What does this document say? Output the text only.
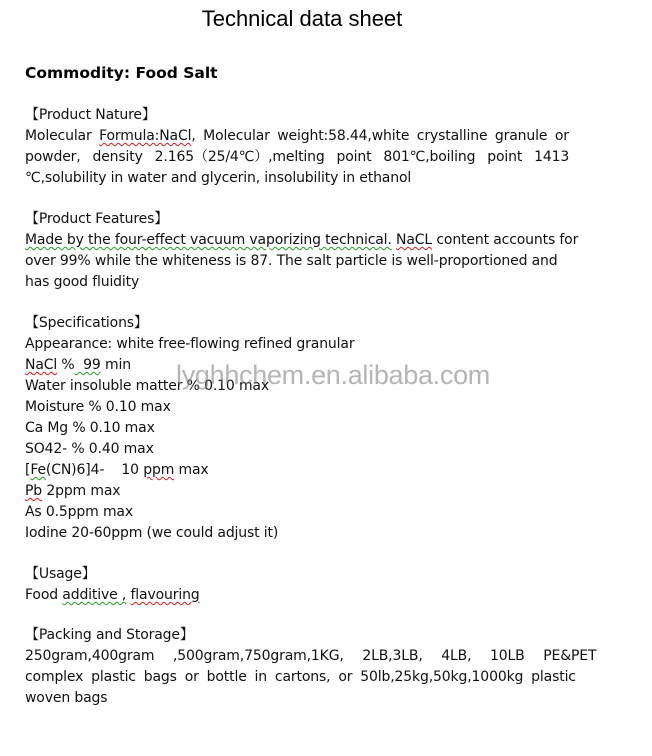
Technical data sheet
Commodity: Food Salt
【Product Nature】
Molecular Formula:NaCl, Molecular weight:58.44,white crystalline granule or
powder, density 2.165（25/4℃）,melting point 801℃,boiling point 1413
℃,solubility in water and glycerin, insolubility in ethanol
【Product Features】
Made by the four-effect vacuum vaporizing technical. NaCL content accounts for
over 99% while the whiteness is 87. The salt particle is well-proportioned and
has good fluidity
【Specifications】
Appearance: white free-flowing refined granular
NaCl %  99 min
Water insoluble matter % 0.10 max
Moisture % 0.10 max
Ca Mg % 0.10 max
SO42- % 0.40 max
[Fe(CN)6]4-    10 ppm max
Pb 2ppm max
As 0.5ppm max
Iodine 20-60ppm (we could adjust it)
【Usage】
Food additive , flavouring
【Packing and Storage】
250gram,400gram  ,500gram,750gram,1KG,  2LB,3LB,  4LB,  10LB  PE&PET
complex plastic bags or bottle in cartons, or 50lb,25kg,50kg,1000kg plastic
woven bags
lyghhchem.en.alibaba.com
